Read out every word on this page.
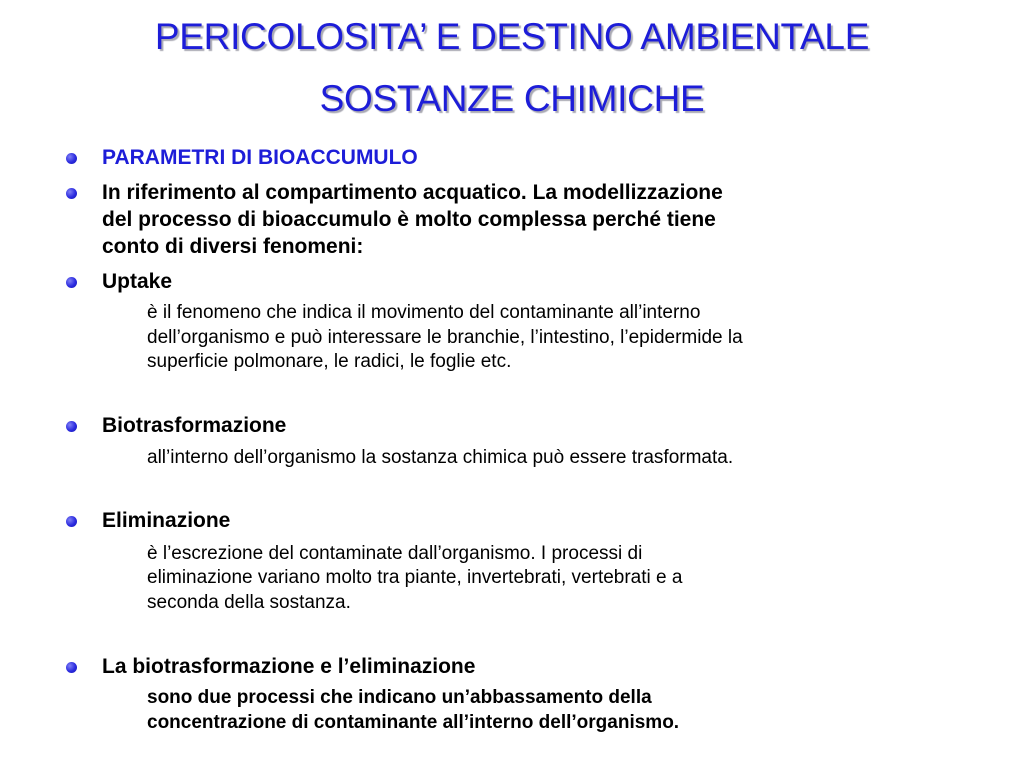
PERICOLOSITA’ E DESTINO AMBIENTALE
SOSTANZE CHIMICHE
PARAMETRI DI BIOACCUMULO
In riferimento al compartimento acquatico. La modellizzazione
del processo di bioaccumulo è molto complessa perché tiene
conto di diversi fenomeni:
Uptake
è il fenomeno che indica il movimento del contaminante all’interno
dell’organismo e può interessare le branchie, l’intestino, l’epidermide la
superficie polmonare, le radici, le foglie etc.
Biotrasformazione
all’interno dell’organismo la sostanza chimica può essere trasformata.
Eliminazione
è l’escrezione del contaminate dall’organismo. I processi di
eliminazione variano molto tra piante, invertebrati, vertebrati e a
seconda della sostanza.
La biotrasformazione e l’eliminazione
sono due processi che indicano un’abbassamento della
concentrazione di contaminante all’interno dell’organismo.
